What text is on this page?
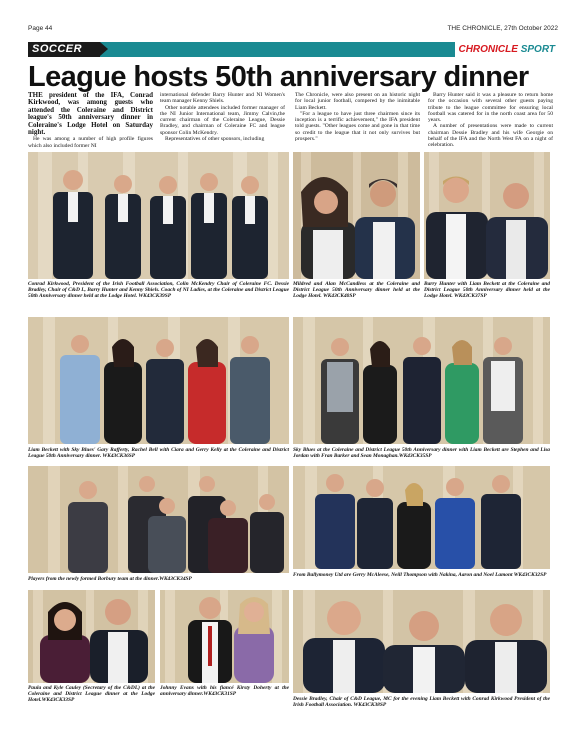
Page 44	THE CHRONICLE, 27th October 2022
SOCCER	CHRONICLE SPORT
League hosts 50th anniversary dinner

THE president of the IFA, Conrad Kirkwood, was among guests who attended the Coleraine and District league's 50th anniversary dinner in Coleraine's Lodge Hotel on Saturday night.

He was among a number of high profile figures which also included former NI

international defender Barry Hunter and NI Women's team manager Kenny Shiels.

Other notable attendees included former manager of the NI Junior International team, Jimmy Calvin,the current chairman of the Coleraine League, Dessie Bradley, and chairman of Coleraine FC and league sponsor Colin McKendry.

Representatives of other sponsors, including

The Chronicle, were also present on an historic night for local junior football, compered by the inimitable Liam Beckett.

"For a league to have just three chairmen since its inception is a terrific achievement," the IFA president told guests. "Other leagues come and gone in that time so credit to the league that it not only survives but prospers."

Barry Hunter said it was a pleasure to return home for the occasion with several other guests paying tribute to the league committee for ensuring local football was catered for in the north coast area for 50 years.

A number of presentations were made to current chairman Dessie Bradley and his wife Georgie on behalf of the IFA and the North West FA on a night of celebration.

Conrad Kirkwood, President of the Irish Football Association, Colin McKendry Chair of Coleraine FC. Dessie Bradley, Chair of C&D L, Barry Hunter and Kenny Shiels. Coach of NI Ladies, at the Coleraine and District League 50th Anniversary dinner held at the Lodge Hotel. WK43CK39SP
Mildred and Alan McCandless at the Coleraine and District League 50th Anniversary dinner held at the Lodge Hotel. WK43CK40SP
Barry Hunter with Liam Beckett at the Coleraine and District League 50th Anniversary dinner held at the Lodge Hotel. WK43CK37SP
Liam Beckett with Sky Blues' Gary Rafferty, Rachel Bell with Ciara and Gerry Kelly at the Coleraine and District League 50th Anniversary dinner. WK43CK36SP
Sky Blues at the Coleraine and District League 50th Anniversary dinner with Liam Beckett are Stephen and Lisa Jordan with Fran Barker and Sean Monaghan.WK43CK35SP
Players from the newly formed Borbury team at the dinner.WK43CK34SP
From Ballymoney Utd are Gerry McAleese, Neill Thompson with Nakina, Aaron and Noel Lamont WK43CK32SP
Paula and Kyle Cauley (Secretary of the C&DL) at the Coleraine and District League dinner at the Lodge Hotel.WK43CK33SP
Johnny Evans with his fiancé Kirsty Doherty at the anniversary dinner.WK43CK31SP
Dessie Bradley, Chair of C&D League, MC for the evening Liam Beckett with Conrad Kirkwood President of the Irish Football Association. WK43CK38SP
